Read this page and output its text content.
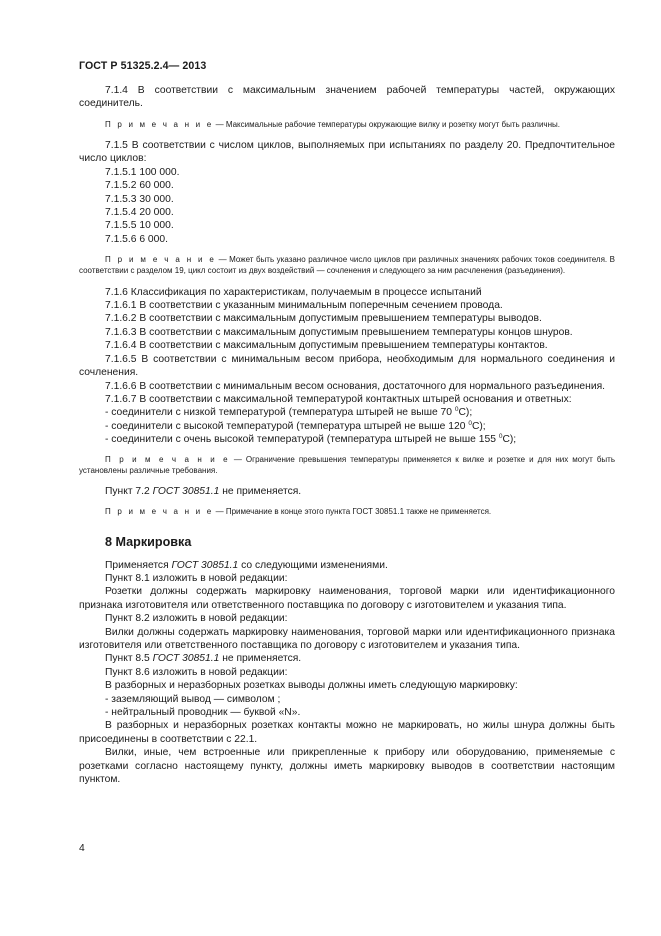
ГОСТ Р 51325.2.4— 2013

7.1.4 В соответствии с максимальным значением рабочей температуры частей, окружающих соединитель.

П р и м е ч а н и е — Максимальные рабочие температуры окружающие вилку и розетку могут быть различны.

7.1.5 В соответствии с числом циклов, выполняемых при испытаниях по разделу 20. Предпочтительное число циклов:

7.1.5.1 100 000.

7.1.5.2 60 000.

7.1.5.3 30 000.

7.1.5.4 20 000.

7.1.5.5 10 000.

7.1.5.6 6 000.

П р и м е ч а н и е — Может быть указано различное число циклов при различных значениях рабочих токов соединителя. В соответствии с разделом 19, цикл состоит из двух воздействий — сочленения и следующего за ним расчленения (разъединения).

7.1.6 Классификация по характеристикам, получаемым в процессе испытаний

7.1.6.1 В соответствии с указанным минимальным поперечным сечением провода.

7.1.6.2 В соответствии с максимальным допустимым превышением температуры выводов.

7.1.6.3 В соответствии с максимальным допустимым превышением температуры концов шнуров.

7.1.6.4 В соответствии с максимальным допустимым превышением температуры контактов.

7.1.6.5 В соответствии с минимальным весом прибора, необходимым для нормального соединения и сочленения.

7.1.6.6 В соответствии с минимальным весом основания, достаточного для нормального разъединения.

7.1.6.7 В соответствии с максимальной температурой контактных штырей основания и ответных:

- соединители с низкой температурой (температура штырей не выше 70 $^0$C);

- соединители с высокой температурой (температура штырей не выше 120 $^0$C);

- соединители с очень высокой температурой (температура штырей не выше 155 $^0$C);

П р и м е ч а н и е — Ограничение превышения температуры применяется к вилке и розетке и для них могут быть установлены различные требования.

Пункт 7.2 ГОСТ 30851.1 не применяется.

П р и м е ч а н и е — Примечание в конце этого пункта ГОСТ 30851.1 также не применяется.

8 Маркировка

Применяется ГОСТ 30851.1 со следующими изменениями.

Пункт 8.1 изложить в новой редакции:

Розетки должны содержать маркировку наименования, торговой марки или идентификационного признака изготовителя или ответственного поставщика по договору с изготовителем и указания типа.

Пункт 8.2 изложить в новой редакции:

Вилки должны содержать маркировку наименования, торговой марки или идентификационного признака изготовителя или ответственного поставщика по договору с изготовителем и указания типа.

Пункт 8.5 ГОСТ 30851.1 не применяется.

Пункт 8.6 изложить в новой редакции:

В разборных и неразборных розетках выводы должны иметь следующую маркировку:

- заземляющий вывод — символом ;

- нейтральный проводник — буквой «N».

В разборных и неразборных розетках контакты можно не маркировать, но жилы шнура должны быть присоединены в соответствии с 22.1.

Вилки, иные, чем встроенные или прикрепленные к прибору или оборудованию, применяемые с розетками согласно настоящему пункту, должны иметь маркировку выводов в соответствии настоящим пунктом.

4
